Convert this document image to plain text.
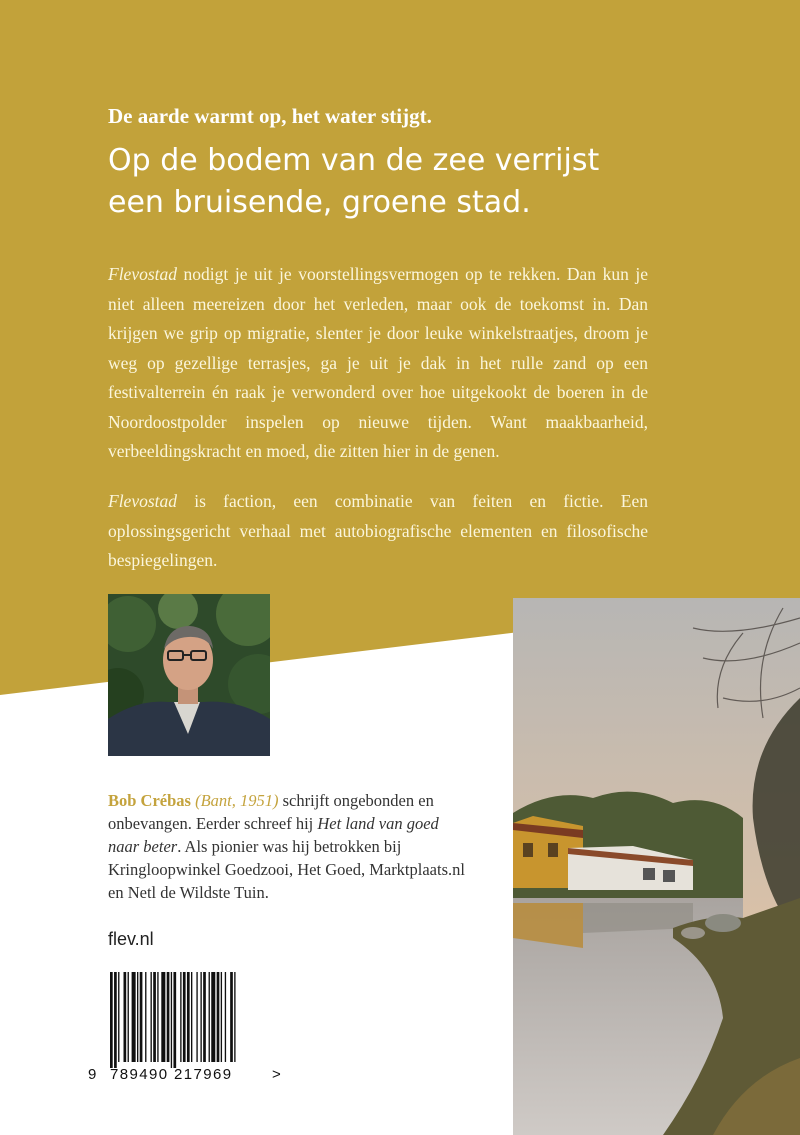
De aarde warmt op, het water stijgt.
Op de bodem van de zee verrijst
een bruisende, groene stad.

Flevostad nodigt je uit je voorstellingsvermogen op te rekken. Dan kun je niet alleen meereizen door het verleden, maar ook de toekomst in. Dan krijgen we grip op migratie, slenter je door leuke winkelstraatjes, droom je weg op gezellige terrasjes, ga je uit je dak in het rulle zand op een festivalterrein én raak je verwonderd over hoe uitgekookt de boeren in de Noordoostpolder inspelen op nieuwe tijden. Want maakbaarheid, verbeeldingskracht en moed, die zitten hier in de genen.

Flevostad is faction, een combinatie van feiten en fictie. Een oplossingsgericht verhaal met autobiografische elementen en filosofische bespiegelingen.

Bob Crébas (Bant, 1951) schrijft ongebonden en onbevangen. Eerder schreef hij Het land van goed naar beter. Als pionier was hij betrokken bij Kringloopwinkel Goedzooi, Het Goed, Marktplaats.nl en Netl de Wildste Tuin.

flev.nl
9 789490 217969	>
